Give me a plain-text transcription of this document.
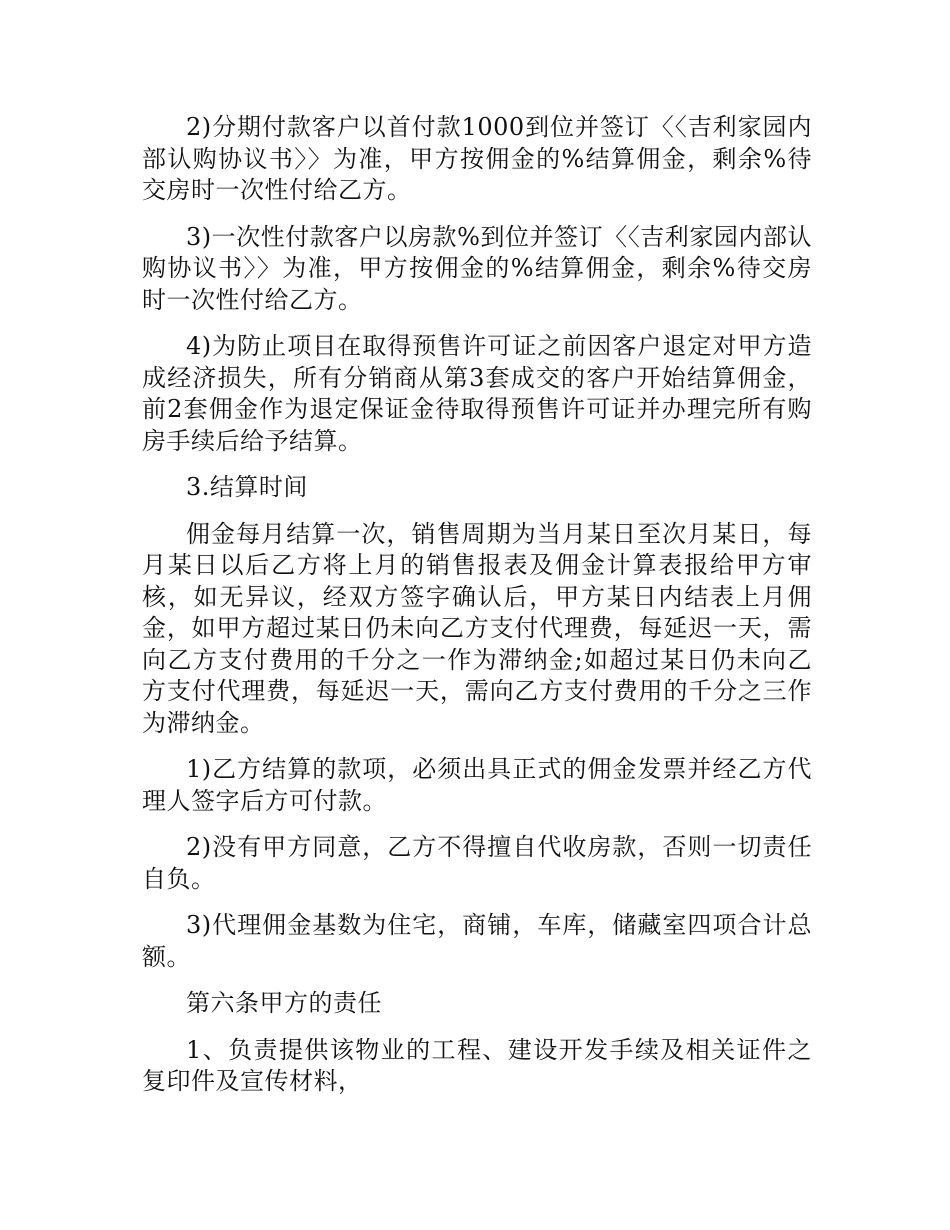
2)分期付款客户以首付款1000到位并签订〈〈吉利家园内部认购协议书〉〉为准，甲方按佣金的%结算佣金，剩余%待交房时一次性付给乙方。

3)一次性付款客户以房款%到位并签订〈〈吉利家园内部认购协议书〉〉为准，甲方按佣金的%结算佣金，剩余%待交房时一次性付给乙方。

4)为防止项目在取得预售许可证之前因客户退定对甲方造成经济损失，所有分销商从第3套成交的客户开始结算佣金，前2套佣金作为退定保证金待取得预售许可证并办理完所有购房手续后给予结算。

3.结算时间

佣金每月结算一次，销售周期为当月某日至次月某日，每月某日以后乙方将上月的销售报表及佣金计算表报给甲方审核，如无异议，经双方签字确认后，甲方某日内结表上月佣金，如甲方超过某日仍未向乙方支付代理费，每延迟一天，需向乙方支付费用的千分之一作为滞纳金;如超过某日仍未向乙方支付代理费，每延迟一天，需向乙方支付费用的千分之三作为滞纳金。

1)乙方结算的款项，必须出具正式的佣金发票并经乙方代理人签字后方可付款。

2)没有甲方同意，乙方不得擅自代收房款，否则一切责任自负。

3)代理佣金基数为住宅，商铺，车库，储藏室四项合计总额。

第六条甲方的责任

1、负责提供该物业的工程、建设开发手续及相关证件之复印件及宣传材料，
